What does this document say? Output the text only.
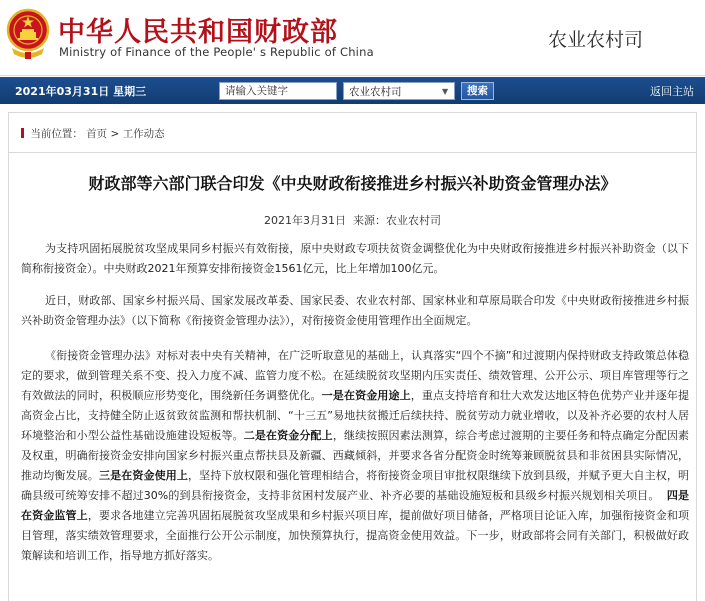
中华人民共和国财政部
Ministry of Finance of the People' s Republic of China
农业农村司
2021年03月31日 星期三
请输入关键字	农业农村司	▼	搜索	返回主站
当前位置： 首页 > 工作动态
财政部等六部门联合印发《中央财政衔接推进乡村振兴补助资金管理办法》
2021年3月31日 来源：农业农村司

为支持巩固拓展脱贫攻坚成果同乡村振兴有效衔接，原中央财政专项扶贫资金调整优化为中央财政衔接推进乡村振兴补助资金（以下简称衔接资金）。中央财政2021年预算安排衔接资金1561亿元，比上年增加100亿元。

近日，财政部、国家乡村振兴局、国家发展改革委、国家民委、农业农村部、国家林业和草原局联合印发《中央财政衔接推进乡村振兴补助资金管理办法》（以下简称《衔接资金管理办法》），对衔接资金使用管理作出全面规定。

《衔接资金管理办法》对标对表中央有关精神，在广泛听取意见的基础上，认真落实“四个不摘”和过渡期内保持财政支持政策总体稳定的要求，做到管理关系不变、投入力度不减、监管力度不松。在延续脱贫攻坚期内压实责任、绩效管理、公开公示、项目库管理等行之有效做法的同时，积极顺应形势变化，围绕新任务调整优化。一是在资金用途上，重点支持培育和壮大欢发达地区特色优势产业并逐年提高资金占比，支持健全防止返贫致贫监测和帮扶机制、“十三五”易地扶贫搬迁后续扶持、脱贫劳动力就业增收，以及补齐必要的农村人居环境整治和小型公益性基础设施建设短板等。二是在资金分配上，继续按照因素法测算，综合考虑过渡期的主要任务和特点确定分配因素及权重，明确衔接资金安排向国家乡村振兴重点帮扶县及新疆、西藏倾斜，并要求各省分配资金时统筹兼顾脱贫县和非贫困县实际情况，推动均衡发展。三是在资金使用上，坚持下放权限和强化管理相结合，将衔接资金项目审批权限继续下放到县级，并赋予更大自主权，明确县级可统筹安排不超过30%的到县衔接资金，支持非贫困村发展产业、补齐必要的基础设施短板和县级乡村振兴规划相关项目。 四是在资金监管上，要求各地建立完善巩固拓展脱贫攻坚成果和乡村振兴项目库，提前做好项目储备，严格项目论证入库，加强衔接资金和项目管理，落实绩效管理要求，全面推行公开公示制度，加快预算执行，提高资金使用效益。下一步，财政部将会同有关部门，积极做好政策解读和培训工作，指导地方抓好落实。
